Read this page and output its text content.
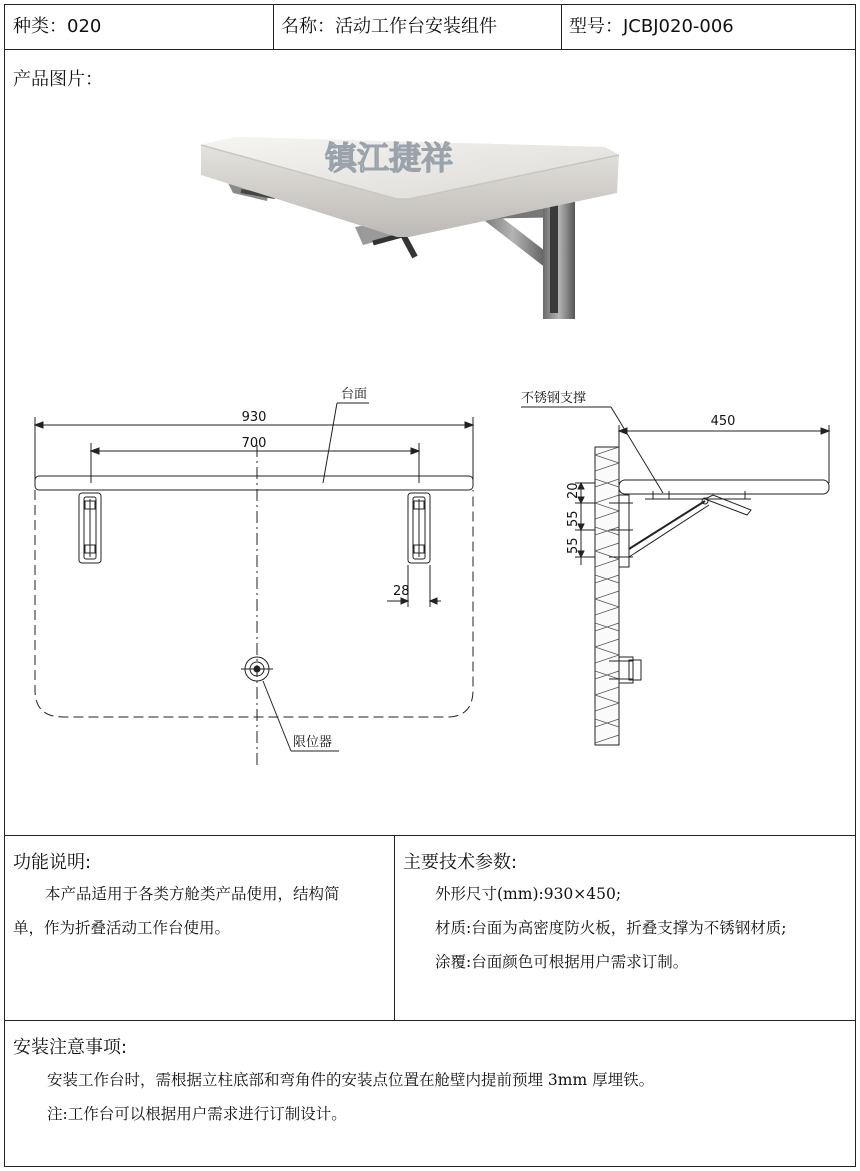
种类：020	名称：活动工作台安装组件	型号：JCBJ020-006
产品图片：
镇江捷祥
台面
930
700
28
限位器
不锈钢支撑
450
20
55
55
功能说明:
本产品适用于各类方舱类产品使用，结构简
单，作为折叠活动工作台使用。
主要技术参数:
外形尺寸(mm):930×450;
材质:台面为高密度防火板，折叠支撑为不锈钢材质;
涂覆:台面颜色可根据用户需求订制。
安装注意事项:
安装工作台时，需根据立柱底部和弯角件的安装点位置在舱壁内提前预埋 3mm 厚埋铁。
注:工作台可以根据用户需求进行订制设计。
